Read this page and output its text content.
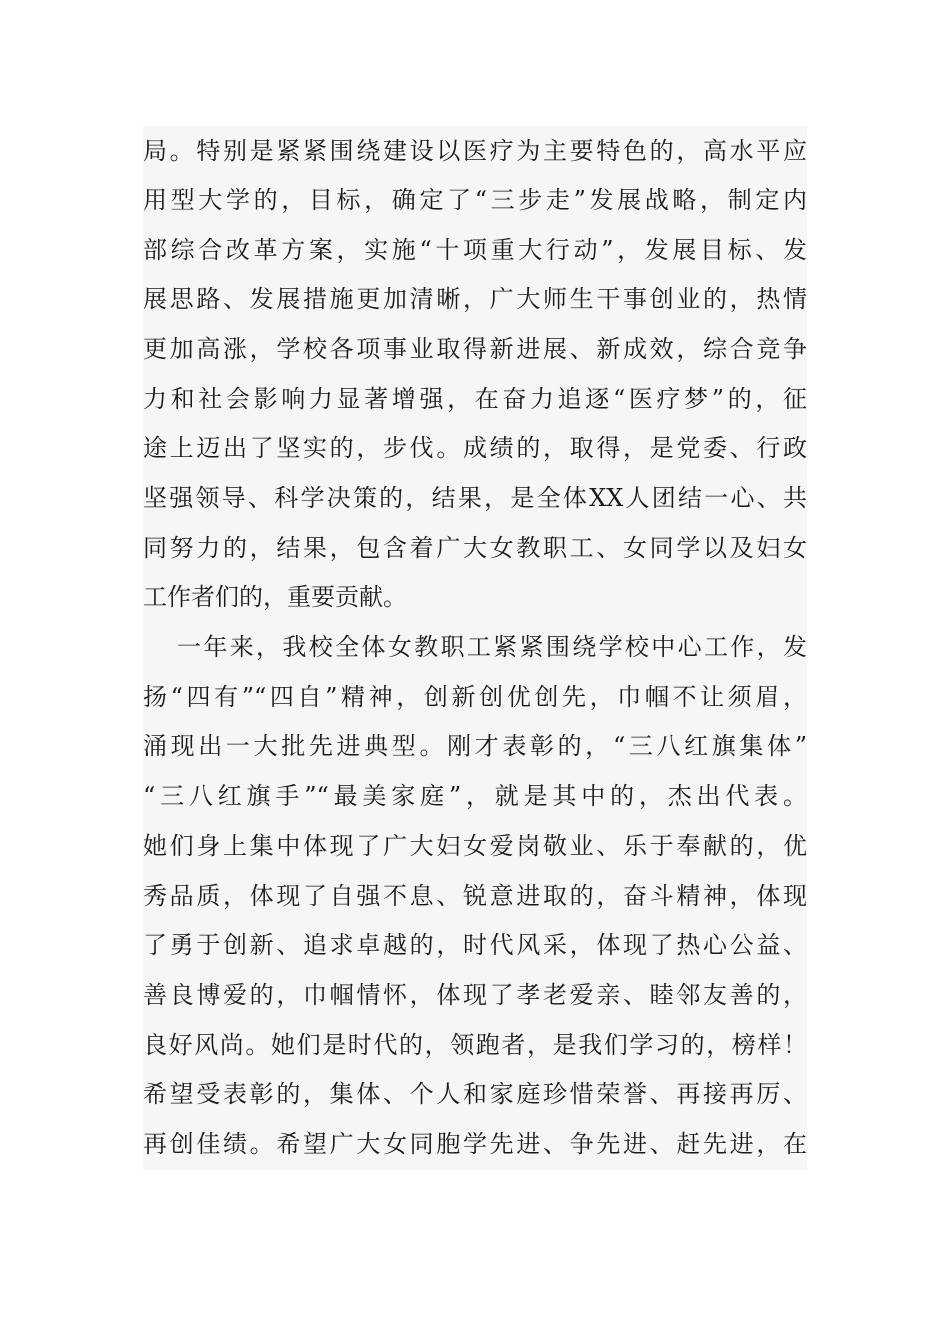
局。特别是紧紧围绕建设以医疗为主要特色的，高水平应
用型大学的，目标，确定了“三步走”发展战略，制定内
部综合改革方案，实施“十项重大行动”，发展目标、发
展思路、发展措施更加清晰，广大师生干事创业的，热情
更加高涨，学校各项事业取得新进展、新成效，综合竞争
力和社会影响力显著增强，在奋力追逐“医疗梦”的，征
途上迈出了坚实的，步伐。成绩的，取得，是党委、行政
坚强领导、科学决策的，结果，是全体XX人团结一心、共
同努力的，结果，包含着广大女教职工、女同学以及妇女
工作者们的，重要贡献。
一年来，我校全体女教职工紧紧围绕学校中心工作，发
扬“四有”“四自”精神，创新创优创先，巾帼不让须眉，
涌现出一大批先进典型。刚才表彰的，“三八红旗集体”
“三八红旗手”“最美家庭”，就是其中的，杰出代表。
她们身上集中体现了广大妇女爱岗敬业、乐于奉献的，优
秀品质，体现了自强不息、锐意进取的，奋斗精神，体现
了勇于创新、追求卓越的，时代风采，体现了热心公益、
善良博爱的，巾帼情怀，体现了孝老爱亲、睦邻友善的，
良好风尚。她们是时代的，领跑者，是我们学习的，榜样！
希望受表彰的，集体、个人和家庭珍惜荣誉、再接再厉、
再创佳绩。希望广大女同胞学先进、争先进、赶先进，在
